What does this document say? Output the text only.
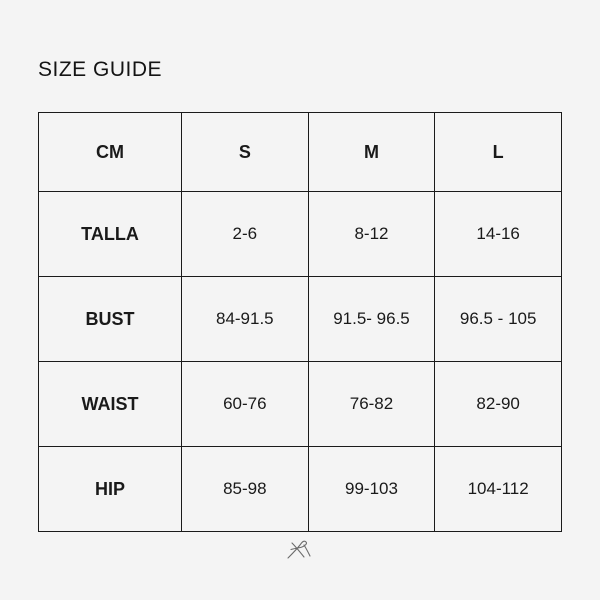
SIZE GUIDE
CM	S	M	L
TALLA	2-6	8-12	14-16
BUST	84-91.5	91.5- 96.5	96.5 - 105
WAIST	60-76	76-82	82-90
HIP	85-98	99-103	104-112
